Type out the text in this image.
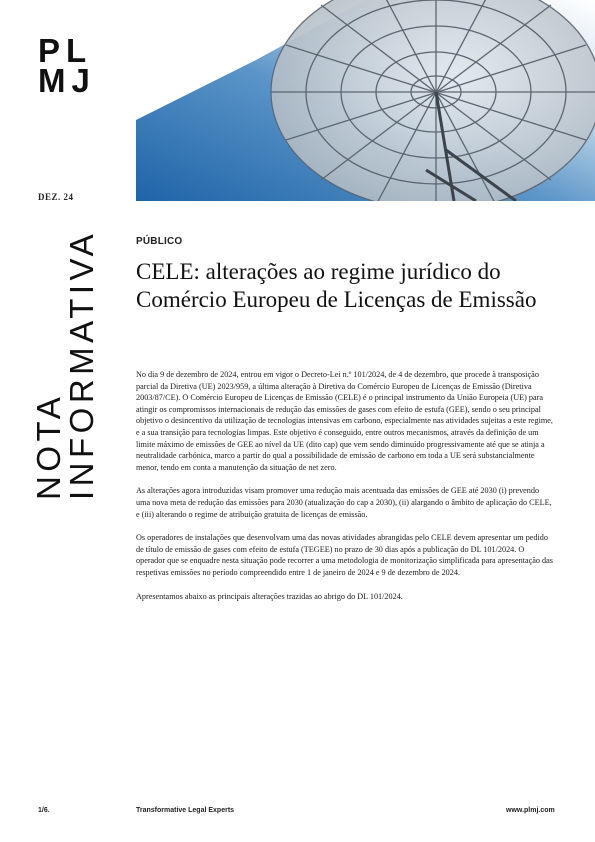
PL
MJ
DEZ. 24
NOTA
INFORMATIVA	PÚBLICO
CELE: alterações ao regime jurídico do Comércio Europeu de Licenças de Emissão

No dia 9 de dezembro de 2024, entrou em vigor o Decreto-Lei n.º 101/2024, de 4 de dezembro, que procede à transposição parcial da Diretiva (UE) 2023/959, a última alteração à Diretiva do Comércio Europeu de Licenças de Emissão (Diretiva 2003/87/CE). O Comércio Europeu de Licenças de Emissão (CELE) é o principal instrumento da União Europeia (UE) para atingir os compromissos internacionais de redução das emissões de gases com efeito de estufa (GEE), sendo o seu principal objetivo o desincentivo da utilização de tecnologias intensivas em carbono, especialmente nas atividades sujeitas a este regime, e a sua transição para tecnologias limpas. Este objetivo é conseguido, entre outros mecanismos, através da definição de um limite máximo de emissões de GEE ao nível da UE (dito cap) que vem sendo diminuído progressivamente até que se atinja a neutralidade carbónica, marco a partir do qual a possibilidade de emissão de carbono em toda a UE será substancialmente menor, tendo em conta a manutenção da situação de net zero.

As alterações agora introduzidas visam promover uma redução mais acentuada das emissões de GEE até 2030 (i) prevendo uma nova meta de redução das emissões para 2030 (atualização do cap a 2030), (ii) alargando o âmbito de aplicação do CELE, e (iii) alterando o regime de atribuição gratuita de licenças de emissão.

Os operadores de instalações que desenvolvam uma das novas atividades abrangidas pelo CELE devem apresentar um pedido de título de emissão de gases com efeito de estufa (TEGEE) no prazo de 30 dias após a publicação do DL 101/2024. O operador que se enquadre nesta situação pode recorrer a uma metodologia de monitorização simplificada para apresentação das respetivas emissões no período compreendido entre 1 de janeiro de 2024 e 9 de dezembro de 2024.

Apresentamos abaixo as principais alterações trazidas ao abrigo do DL 101/2024.

1/6.	Transformative Legal Experts	www.plmj.com
